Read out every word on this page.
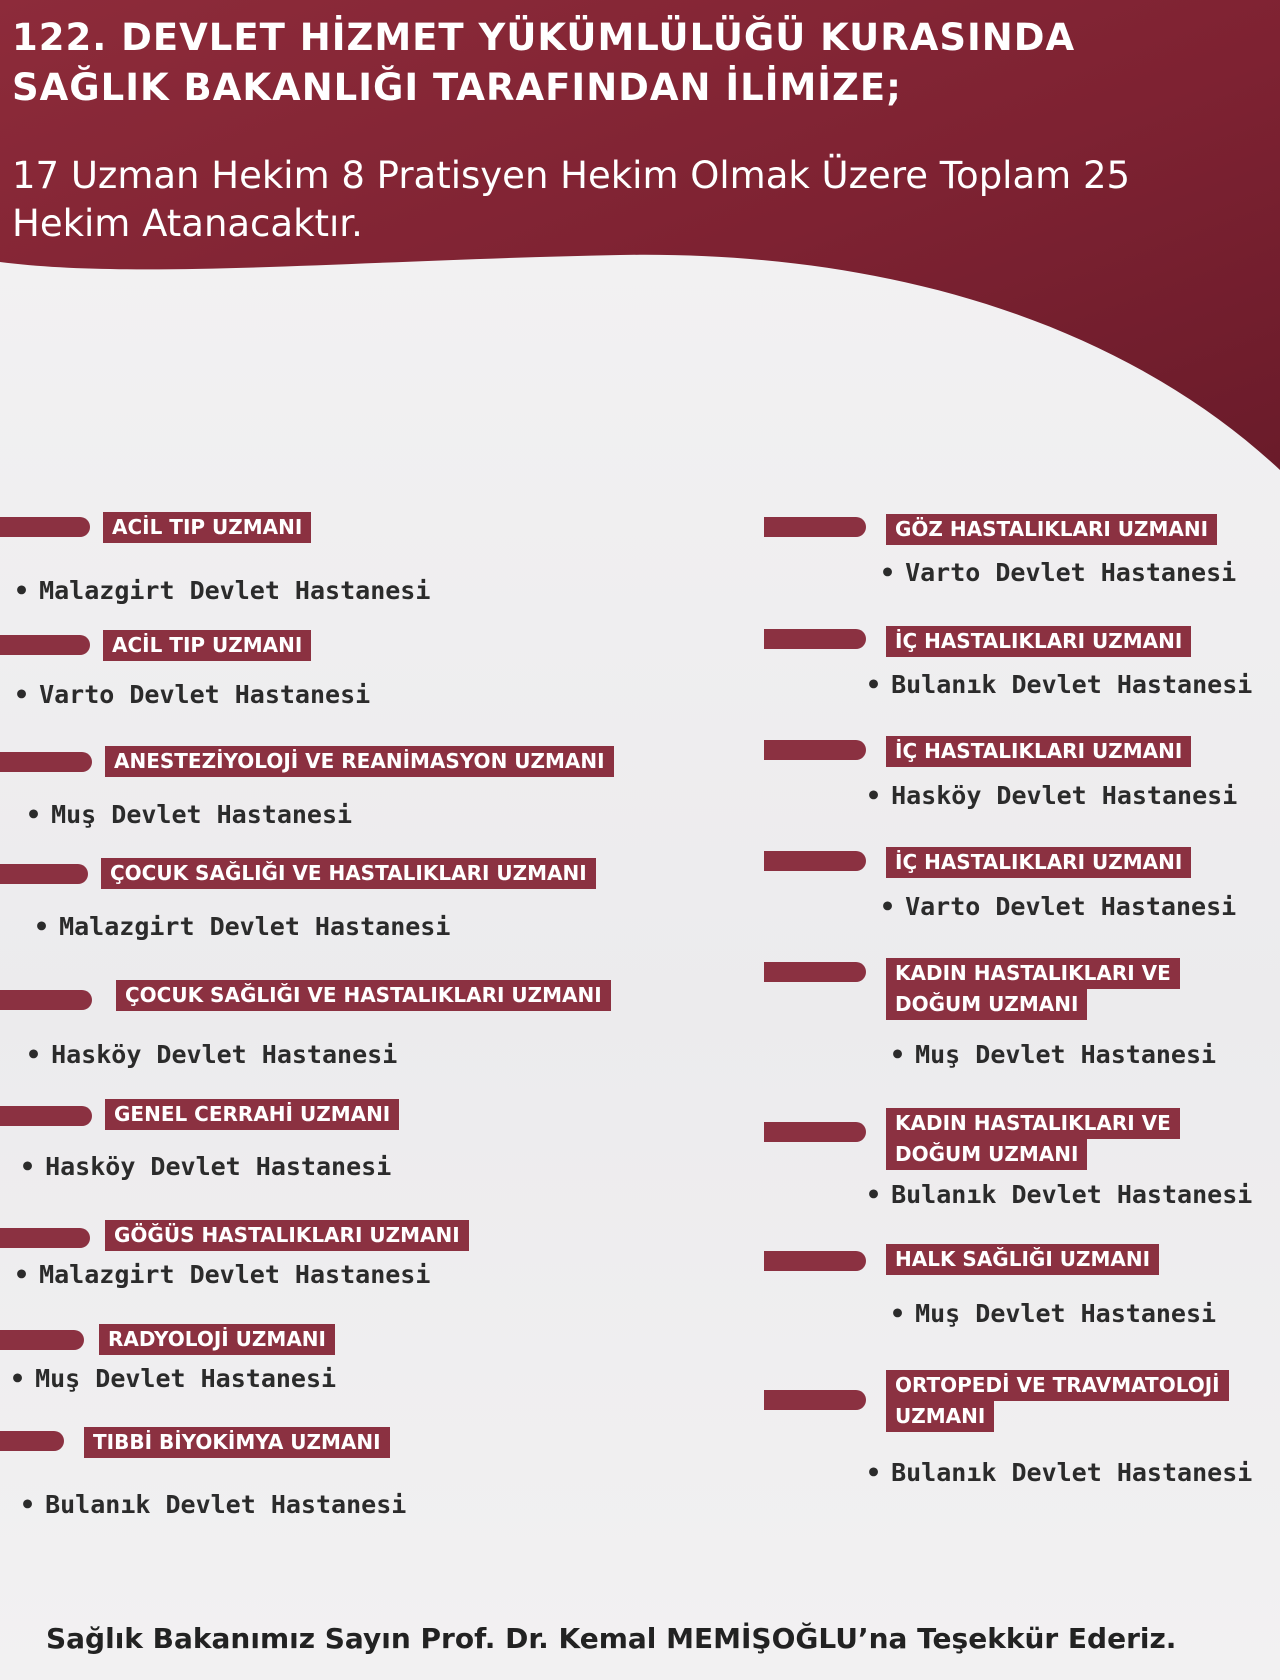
122. DEVLET HİZMET YÜKÜMLÜLÜĞÜ KURASINDA
SAĞLIK BAKANLIĞI TARAFINDAN İLİMİZE;

17 Uzman Hekim 8 Pratisyen Hekim Olmak Üzere Toplam 25
Hekim Atanacaktır.

ACİL TIP UZMANI
• Malazgirt Devlet Hastanesi
ACİL TIP UZMANI
• Varto Devlet Hastanesi
ANESTEZİYOLOJİ VE REANİMASYON UZMANI
• Muş Devlet Hastanesi
ÇOCUK SAĞLIĞI VE HASTALIKLARI UZMANI
• Malazgirt Devlet Hastanesi
ÇOCUK SAĞLIĞI VE HASTALIKLARI UZMANI
• Hasköy Devlet Hastanesi
GENEL CERRAHİ UZMANI
• Hasköy Devlet Hastanesi
GÖĞÜS HASTALIKLARI UZMANI
• Malazgirt Devlet Hastanesi
RADYOLOJİ UZMANI
• Muş Devlet Hastanesi
TIBBİ BİYOKİMYA UZMANI
• Bulanık Devlet Hastanesi
GÖZ HASTALIKLARI UZMANI
• Varto Devlet Hastanesi
İÇ HASTALIKLARI UZMANI
• Bulanık Devlet Hastanesi
İÇ HASTALIKLARI UZMANI
• Hasköy Devlet Hastanesi
İÇ HASTALIKLARI UZMANI
• Varto Devlet Hastanesi
KADIN HASTALIKLARI VE
DOĞUM UZMANI
• Muş Devlet Hastanesi
KADIN HASTALIKLARI VE
DOĞUM UZMANI
• Bulanık Devlet Hastanesi
HALK SAĞLIĞI UZMANI
• Muş Devlet Hastanesi
ORTOPEDİ VE TRAVMATOLOJİ
UZMANI
• Bulanık Devlet Hastanesi
Sağlık Bakanımız Sayın Prof. Dr. Kemal MEMİŞOĞLU’na Teşekkür Ederiz.
